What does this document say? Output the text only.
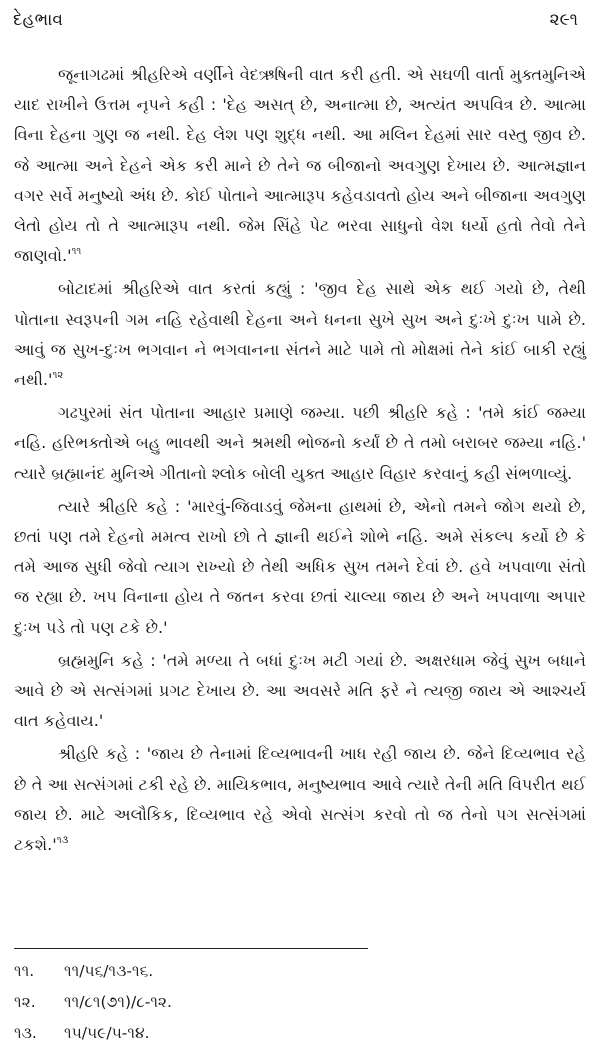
દેહભાવ	૨૯૧

જૂનાગઢમાં શ્રીહરિએ વર્ણીને વેદઋષિની વાત કરી હતી. એ સઘળી વાર્તા મુક્તમુનિએ યાદ રાખીને ઉત્તમ નૃપને કહી : 'દેહ અસત્ છે, અનાત્મા છે, અત્યંત અપવિત્ર છે. આત્મા વિના દેહના ગુણ જ નથી. દેહ લેશ પણ શુદ્ધ નથી. આ મલિન દેહમાં સાર વસ્તુ જીવ છે. જે આત્મા અને દેહને એક કરી માને છે તેને જ બીજાનો અવગુણ દેખાય છે. આત્મજ્ઞાન વગર સર્વે મનુષ્યો અંધ છે. કોઈ પોતાને આત્મારૂપ કહેવડાવતો હોય અને બીજાના અવગુણ લેતો હોય તો તે આત્મારૂપ નથી. જેમ સિંહે પેટ ભરવા સાધુનો વેશ ધર્યો હતો તેવો તેને $જાણવો.'^{૧૧}$

બોટાદમાં શ્રીહરિએ વાત કરતાં કહ્યું : 'જીવ દેહ સાથે એક થઈ ગયો છે, તેથી પોતાના સ્વરૂપની ગમ નહિ રહેવાથી દેહના અને ધનના સુખે સુખ અને દુઃખે દુઃખ પામે છે. આવું જ સુખ-દુઃખ ભગવાન ને ભગવાનના સંતને માટે પામે તો મોક્ષમાં તેને કાંઈ બાકી રહ્યું $નથી.'^{૧૨}$

ગઢપુરમાં સંત પોતાના આહાર પ્રમાણે જમ્યા. પછી શ્રીહરિ કહે : 'તમે કાંઈ જમ્યા નહિ. હરિભક્તોએ બહુ ભાવથી અને શ્રમથી ભોજનો કર્યાં છે તે તમો બરાબર જમ્યા નહિ.' ત્યારે બ્રહ્માનંદ મુનિએ ગીતાનો શ્લોક બોલી યુક્ત આહાર વિહાર કરવાનું કહી સંભળાવ્યું.

ત્યારે શ્રીહરિ કહે : 'મારવું-જિવાડવું જેમના હાથમાં છે, એનો તમને જોગ થયો છે, છતાં પણ તમે દેહનો મમત્વ રાખો છો તે જ્ઞાની થઈને શોભે નહિ. અમે સંકલ્પ કર્યો છે કે તમે આજ સુધી જેવો ત્યાગ રાખ્યો છે તેથી અધિક સુખ તમને દેવાં છે. હવે ખપવાળા સંતો જ રહ્યા છે. ખપ વિનાના હોય તે જતન કરવા છતાં ચાલ્યા જાય છે અને ખપવાળા અપાર દુઃખ પડે તો પણ ટકે છે.'

બ્રહ્મમુનિ કહે : 'તમે મળ્યા તે બધાં દુઃખ મટી ગયાં છે. અક્ષરધામ જેવું સુખ બધાને આવે છે એ સત્સંગમાં પ્રગટ દેખાય છે. આ અવસરે મતિ ફરે ને ત્યજી જાય એ આશ્ચર્ય વાત કહેવાય.'

શ્રીહરિ કહે : 'જાય છે તેનામાં દિવ્યભાવની ખાધ રહી જાય છે. જેને દિવ્યભાવ રહે છે તે આ સત્સંગમાં ટકી રહે છે. માયિકભાવ, મનુષ્યભાવ આવે ત્યારે તેની મતિ વિપરીત થઈ જાય છે. માટે અલૌકિક, દિવ્યભાવ રહે એવો સત્સંગ કરવો તો જ તેનો પગ સત્સંગમાં $ટકશે.'^{૧૩}$

૧૧.	૧૧/૫૬/૧૩-૧૬.
૧૨.	૧૧/૮૧(૭૧)/૮-૧૨.
૧૩.	૧૫/૫૯/૫-૧૪.
